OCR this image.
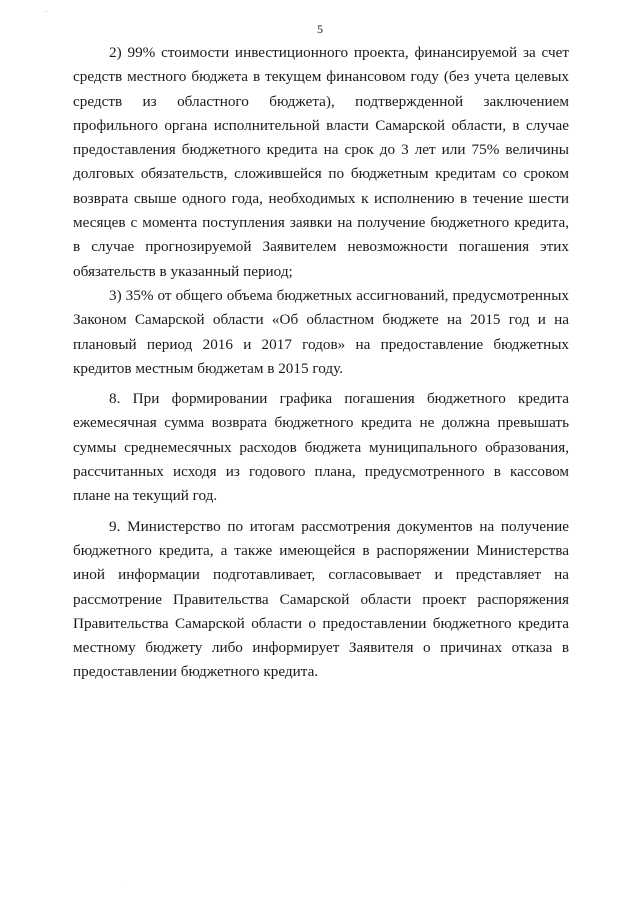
·
5

2) 99% стоимости инвестиционного проекта, финансируемой за счет средств местного бюджета в текущем финансовом году (без учета целевых средств из областного бюджета), подтвержденной заключением профильного органа исполнительной власти Самарской области, в случае предоставления бюджетного кредита на срок до 3 лет или 75% величины долговых обязательств, сложившейся по бюджетным кредитам со сроком возврата свыше одного года, необходимых к исполнению в течение шести месяцев с момента поступления заявки на получение бюджетного кредита, в случае прогнозируемой Заявителем невозможности погашения этих обязательств в указанный период;

3) 35% от общего объема бюджетных ассигнований, предусмотренных Законом Самарской области «Об областном бюджете на 2015 год и на плановый период 2016 и 2017 годов» на предоставление бюджетных кредитов местным бюджетам в 2015 году.

8. При формировании графика погашения бюджетного кредита ежемесячная сумма возврата бюджетного кредита не должна превышать суммы среднемесячных расходов бюджета муниципального образования, рассчитанных исходя из годового плана, предусмотренного в кассовом плане на текущий год.

9. Министерство по итогам рассмотрения документов на получение бюджетного кредита, а также имеющейся в распоряжении Министерства иной информации подготавливает, согласовывает и представляет на рассмотрение Правительства Самарской области проект распоряжения Правительства Самарской области о предоставлении бюджетного кредита местному бюджету либо информирует Заявителя о причинах отказа в предоставлении бюджетного кредита.

·
